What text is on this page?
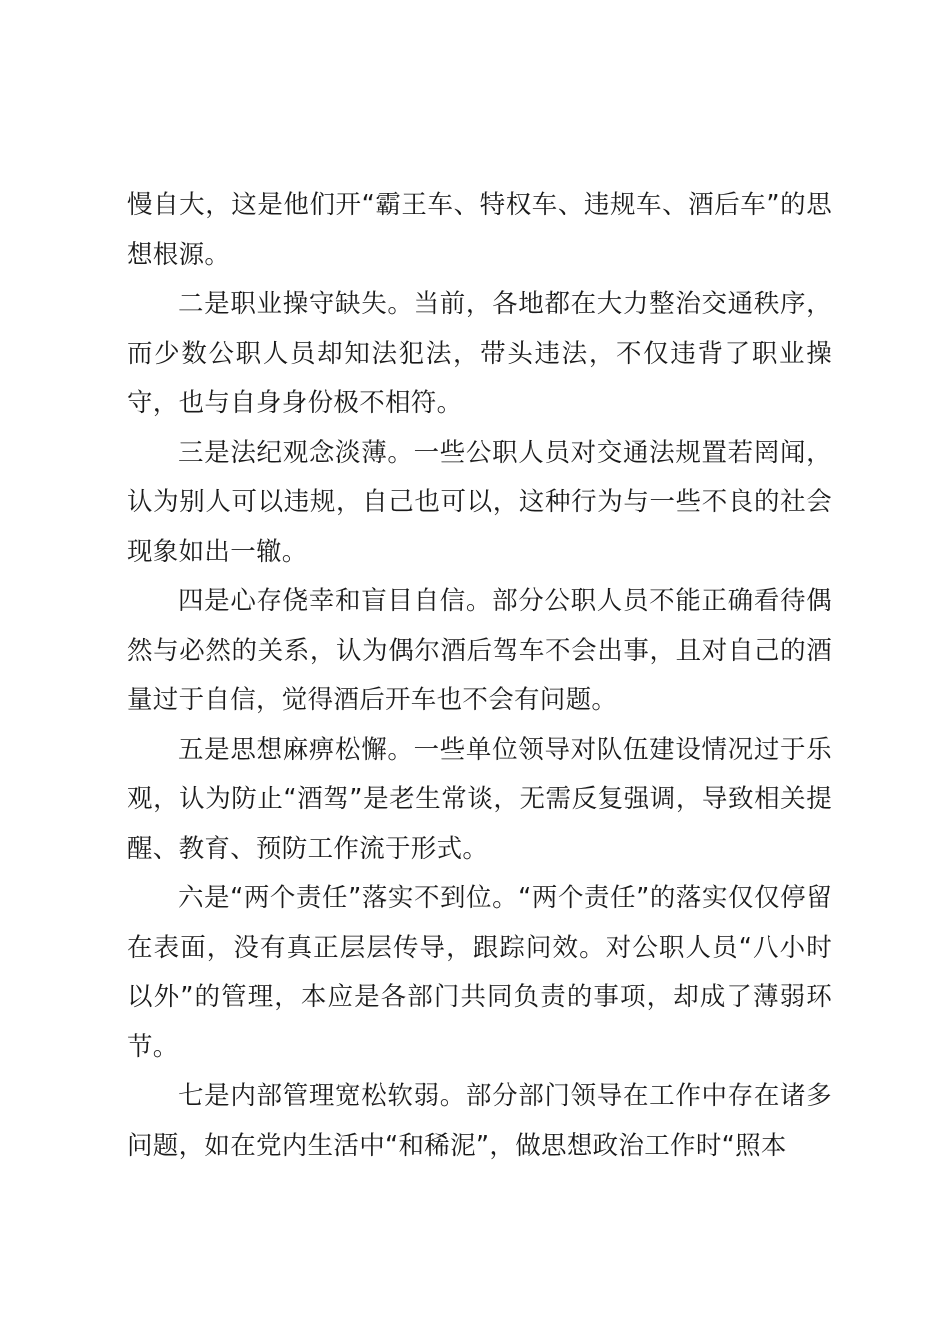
慢自大，这是他们开“霸王车、特权车、违规车、酒后车”的思想根源。

二是职业操守缺失。当前，各地都在大力整治交通秩序，而少数公职人员却知法犯法，带头违法，不仅违背了职业操守，也与自身身份极不相符。

三是法纪观念淡薄。一些公职人员对交通法规置若罔闻，认为别人可以违规，自己也可以，这种行为与一些不良的社会现象如出一辙。

四是心存侥幸和盲目自信。部分公职人员不能正确看待偶然与必然的关系，认为偶尔酒后驾车不会出事，且对自己的酒量过于自信，觉得酒后开车也不会有问题。

五是思想麻痹松懈。一些单位领导对队伍建设情况过于乐观，认为防止“酒驾”是老生常谈，无需反复强调，导致相关提醒、教育、预防工作流于形式。

六是“两个责任”落实不到位。“两个责任”的落实仅仅停留在表面，没有真正层层传导，跟踪问效。对公职人员“八小时以外”的管理，本应是各部门共同负责的事项，却成了薄弱环节。

七是内部管理宽松软弱。部分部门领导在工作中存在诸多问题，如在党内生活中“和稀泥”，做思想政治工作时“照本
